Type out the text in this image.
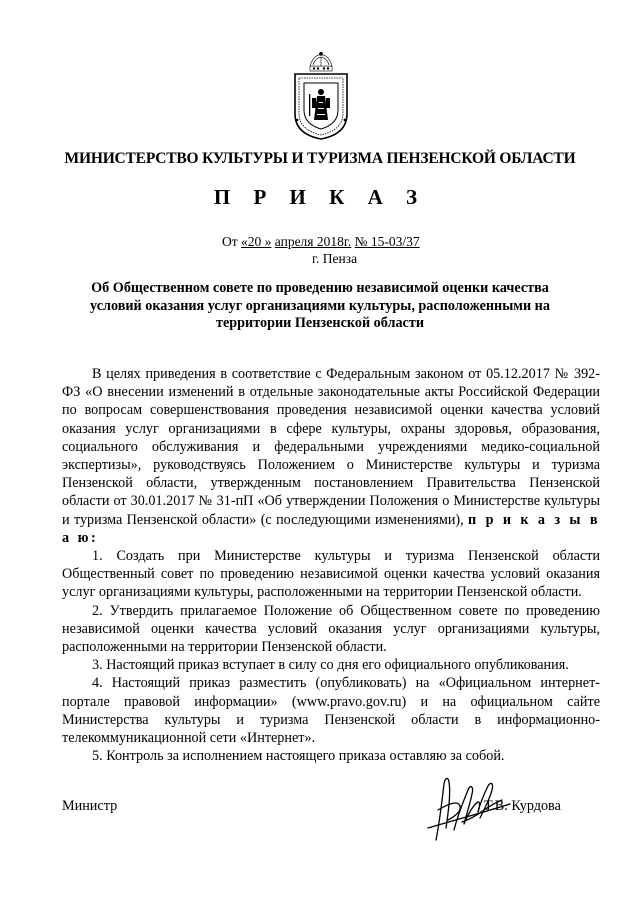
МИНИСТЕРСТВО КУЛЬТУРЫ И ТУРИЗМА ПЕНЗЕНСКОЙ ОБЛАСТИ
П Р И К А З
От «20 » апреля 2018г. № 15-03/37
г. Пенза
Об Общественном совете по проведению независимой оценки качества условий оказания услуг организациями культуры, расположенными на территории Пензенской области

В целях приведения в соответствие с Федеральным законом от 05.12.2017 № 392-ФЗ «О внесении изменений в отдельные законодательные акты Российской Федерации по вопросам совершенствования проведения независимой оценки качества условий оказания услуг организациями в сфере культуры, охраны здоровья, образования, социального обслуживания и федеральными учреждениями медико-социальной экспертизы», руководствуясь Положением о Министерстве культуры и туризма Пензенской области, утвержденным постановлением Правительства Пензенской области от 30.01.2017 № 31-пП «Об утверждении Положения о Министерстве культуры и туризма Пензенской области» (с последующими изменениями), п р и к а з ы в а ю:

1. Создать при Министерстве культуры и туризма Пензенской области Общественный совет по проведению независимой оценки качества условий оказания услуг организациями культуры, расположенными на территории Пензенской области.

2. Утвердить прилагаемое Положение об Общественном совете по проведению независимой оценки качества условий оказания услуг организациями культуры, расположенными на территории Пензенской области.

3. Настоящий приказ вступает в силу со дня его официального опубликования.

4. Настоящий приказ разместить (опубликовать) на «Официальном интернет-портале правовой информации» (www.pravo.gov.ru) и на официальном сайте Министерства культуры и туризма Пензенской области в информационно-телекоммуникационной сети «Интернет».

5. Контроль за исполнением настоящего приказа оставляю за собой.

Министр	Т.В. Курдова
